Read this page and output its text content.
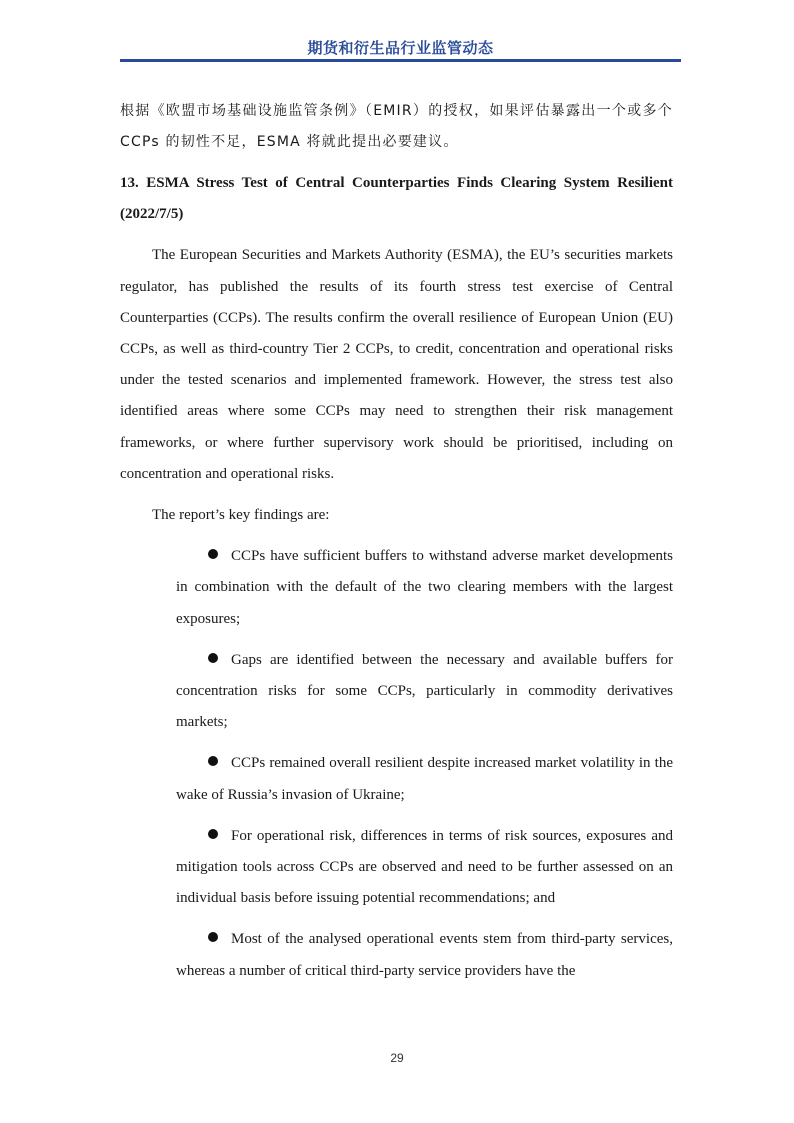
期货和衍生品行业监管动态

根据《欧盟市场基础设施监管条例》（EMIR）的授权，如果评估暴露出一个或多个 CCPs 的韧性不足，ESMA 将就此提出必要建议。

13. ESMA Stress Test of Central Counterparties Finds Clearing System Resilient (2022/7/5)

The European Securities and Markets Authority (ESMA), the EU’s securities markets regulator, has published the results of its fourth stress test exercise of Central Counterparties (CCPs). The results confirm the overall resilience of European Union (EU) CCPs, as well as third-country Tier 2 CCPs, to credit, concentration and operational risks under the tested scenarios and implemented framework. However, the stress test also identified areas where some CCPs may need to strengthen their risk management frameworks, or where further supervisory work should be prioritised, including on concentration and operational risks.

The report’s key findings are:

CCPs have sufficient buffers to withstand adverse market developments in combination with the default of the two clearing members with the largest exposures;

Gaps are identified between the necessary and available buffers for concentration risks for some CCPs, particularly in commodity derivatives markets;

CCPs remained overall resilient despite increased market volatility in the wake of Russia’s invasion of Ukraine;

For operational risk, differences in terms of risk sources, exposures and mitigation tools across CCPs are observed and need to be further assessed on an individual basis before issuing potential recommendations; and

Most of the analysed operational events stem from third-party services, whereas a number of critical third-party service providers have the

29
